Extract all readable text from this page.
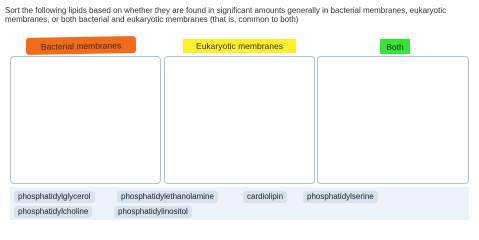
Sort the following lipids based on whether they are found in significant amounts generally in bacterial membranes, eukaryotic membranes, or both bacterial and eukaryotic membranes (that is, common to both)
Bacterial membranes	Eukaryotic membranes	Both
phosphatidylglycerol	phosphatidylethanolamine	cardiolipin	phosphatidylserine
phosphatidylcholine	phosphatidylinositol
